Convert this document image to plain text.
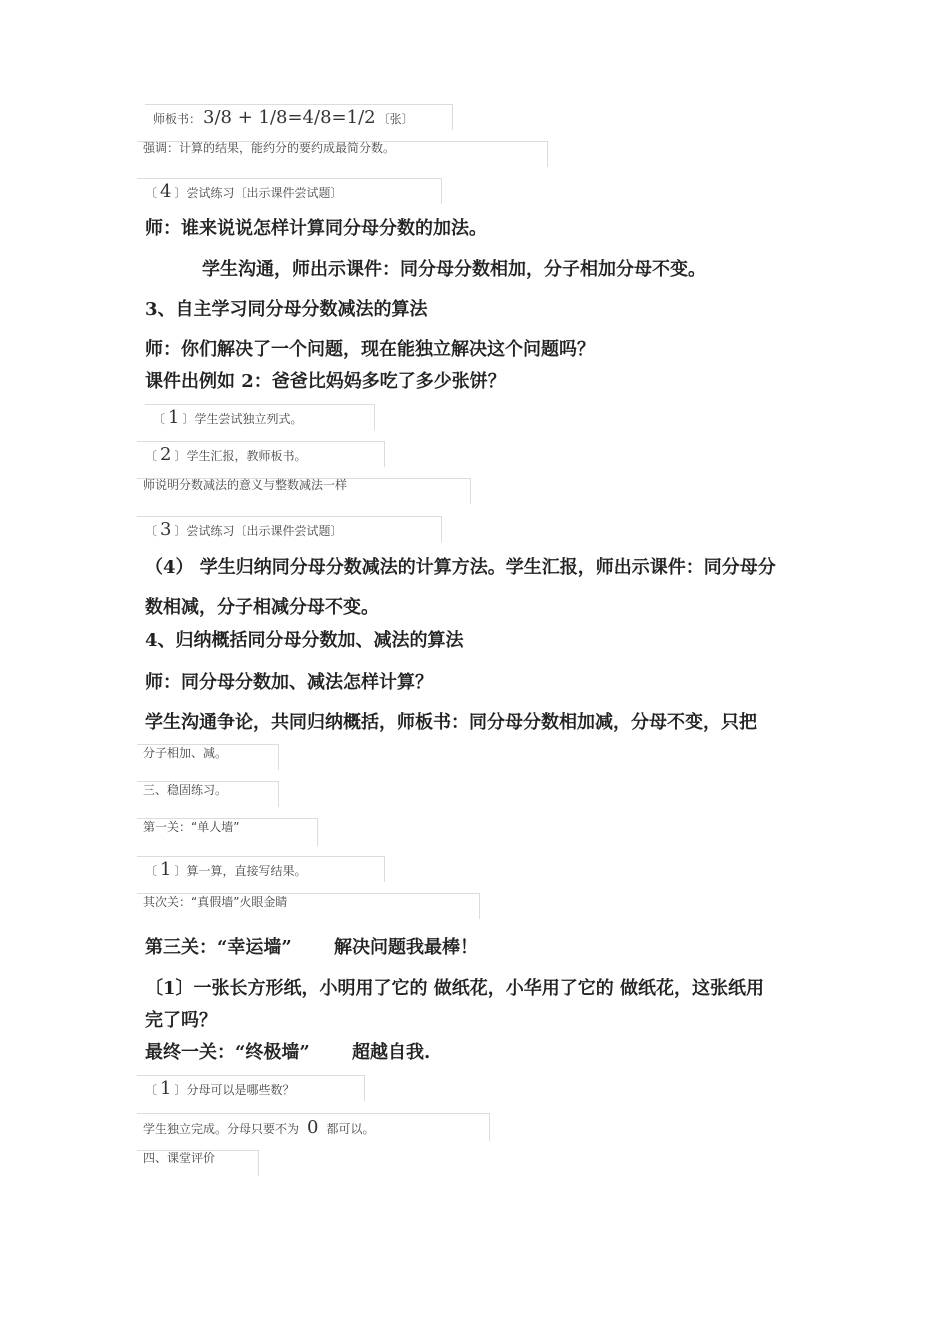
师板书： 3/8 + 1/8=4/8=1/2 〔张〕
强调：计算的结果，能约分的要约成最简分数。
〔 4 〕尝试练习〔出示课件尝试题〕
师：谁来说说怎样计算同分母分数的加法。
学生沟通，师出示课件：同分母分数相加，分子相加分母不变。
3、自主学习同分母分数减法的算法
师：你们解决了一个问题，现在能独立解决这个问题吗？
课件出例如 2：爸爸比妈妈多吃了多少张饼？
〔 1 〕学生尝试独立列式。
〔 2 〕学生汇报，教师板书。
师说明分数减法的意义与整数减法一样
〔 3 〕尝试练习〔出示课件尝试题〕
（4） 学生归纳同分母分数减法的计算方法。学生汇报，师出示课件：同分母分
数相减，分子相减分母不变。
4、归纳概括同分母分数加、减法的算法
师：同分母分数加、减法怎样计算？
学生沟通争论，共同归纳概括，师板书：同分母分数相加减，分母不变，只把
分子相加、减。
三、稳固练习。
第一关：“单人墙”
〔 1 〕算一算，直接写结果。
其次关：“真假墙”火眼金睛
第三关：“幸运墙”　　 解决问题我最棒！
〔1〕一张长方形纸，小明用了它的 做纸花，小华用了它的 做纸花，这张纸用
完了吗？
最终一关：“终极墙”　　 超越自我.
〔 1 〕分母可以是哪些数？
学生独立完成。分母只要不为 0 都可以。
四、课堂评价
